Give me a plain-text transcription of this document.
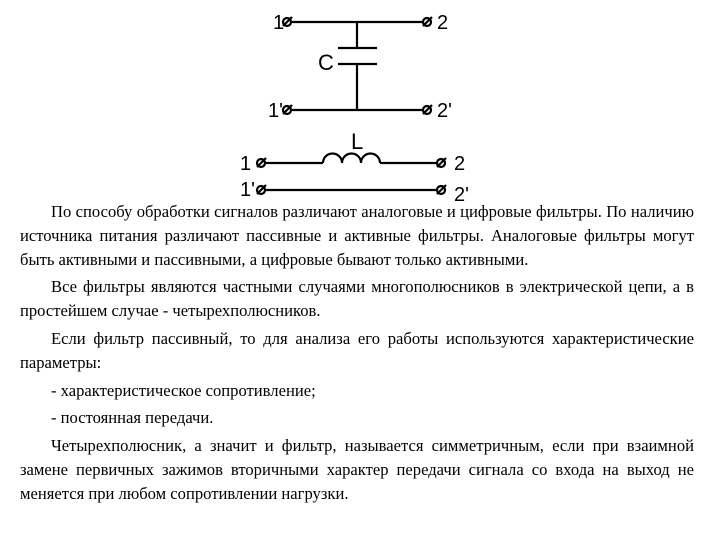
1	2
C
1'	2'
L
1	2
1'	2'

По способу обработки сигналов различают аналоговые и цифровые фильтры. По наличию источника питания различают пассивные и активные фильтры. Аналоговые фильтры могут быть активными и пассивными, а цифровые бывают только активными.

Все фильтры являются частными случаями многополюсников в электрической цепи, а в простейшем случае - четырехполюсников.

Если фильтр пассивный, то для анализа его работы используются характеристические параметры:

- характеристическое сопротивление;

- постоянная передачи.

Четырехполюсник, а значит и фильтр, называется симметричным, если при взаимной замене первичных зажимов вторичными характер передачи сигнала со входа на выход не меняется при любом сопротивлении нагрузки.
